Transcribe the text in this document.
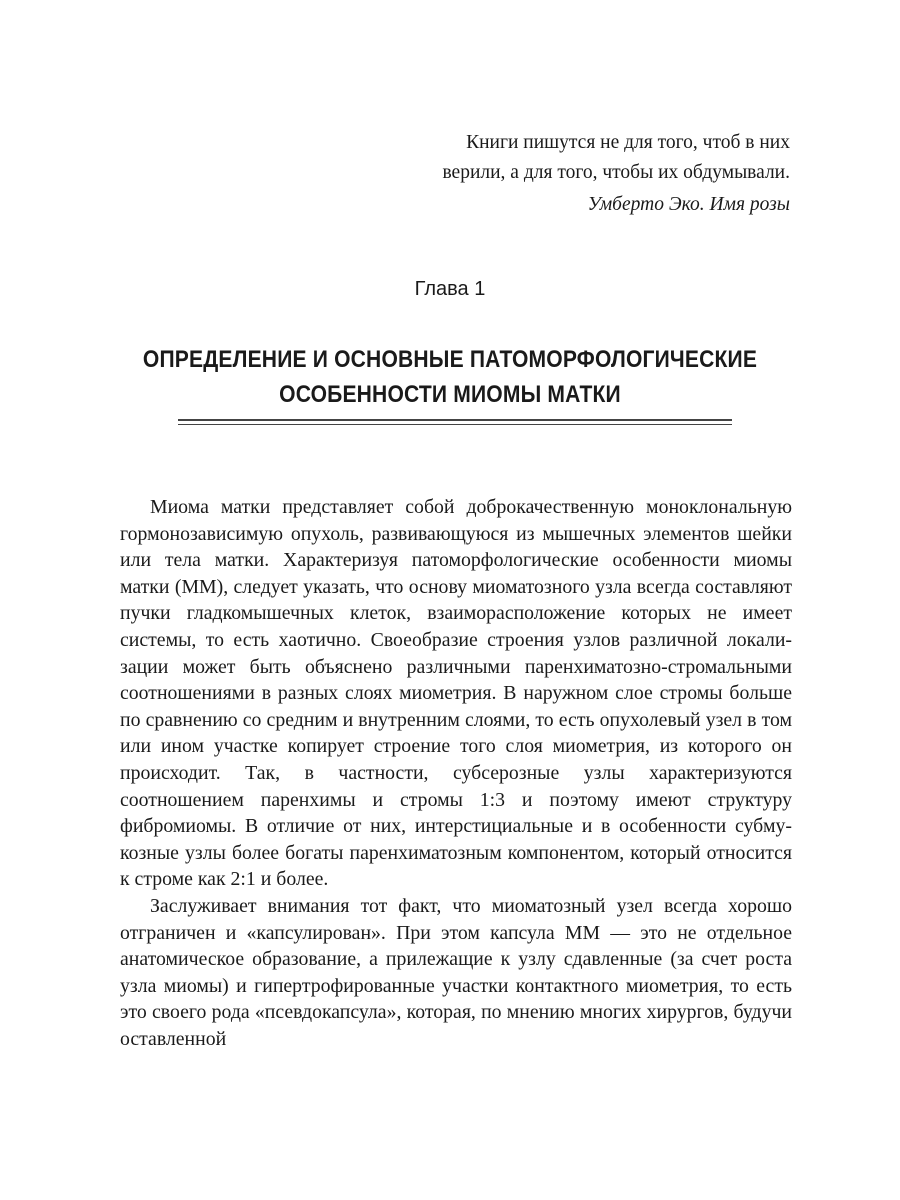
Книги пишутся не для того, чтоб в них
верили, а для того, чтобы их обдумывали.
Умберто Эко. Имя розы
Глава 1
ОПРЕДЕЛЕНИЕ И ОСНОВНЫЕ ПАТОМОРФОЛОГИЧЕСКИЕ
ОСОБЕННОСТИ МИОМЫ МАТКИ

Миома матки представляет собой доброкачественную моноклональную гормонозависимую опухоль, развивающуюся из мышечных элементов шейки или тела матки. Характеризуя патоморфологические особенности миомы матки (ММ), следует указать, что основу миоматозного узла всегда составляют пучки гладкомышечных клеток, взаиморасположение которых не имеет системы, то есть хаотично. Своеобразие строения узлов различной локализации может быть объяснено различными паренхиматозно-стромальными соотношениями в разных слоях миометрия. В наружном слое стромы больше по сравнению со средним и внутренним слоями, то есть опухолевый узел в том или ином участке копирует строение того слоя миометрия, из которого он происходит. Так, в частности, субсерозные узлы характеризуются соотношением паренхимы и стромы 1:3 и поэтому имеют структуру фибромиомы. В отличие от них, интерстициальные и в особенности субмукозные узлы более богаты паренхиматозным компонентом, который относится к строме как 2:1 и более.

Заслуживает внимания тот факт, что миоматозный узел всегда хорошо отграничен и «капсулирован». При этом капсула ММ — это не отдельное анатомическое образование, а прилежащие к узлу сдавленные (за счет роста узла миомы) и гипертрофированные участки контактного миометрия, то есть это своего рода «псевдокапсула», которая, по мнению многих хирургов, будучи оставленной
